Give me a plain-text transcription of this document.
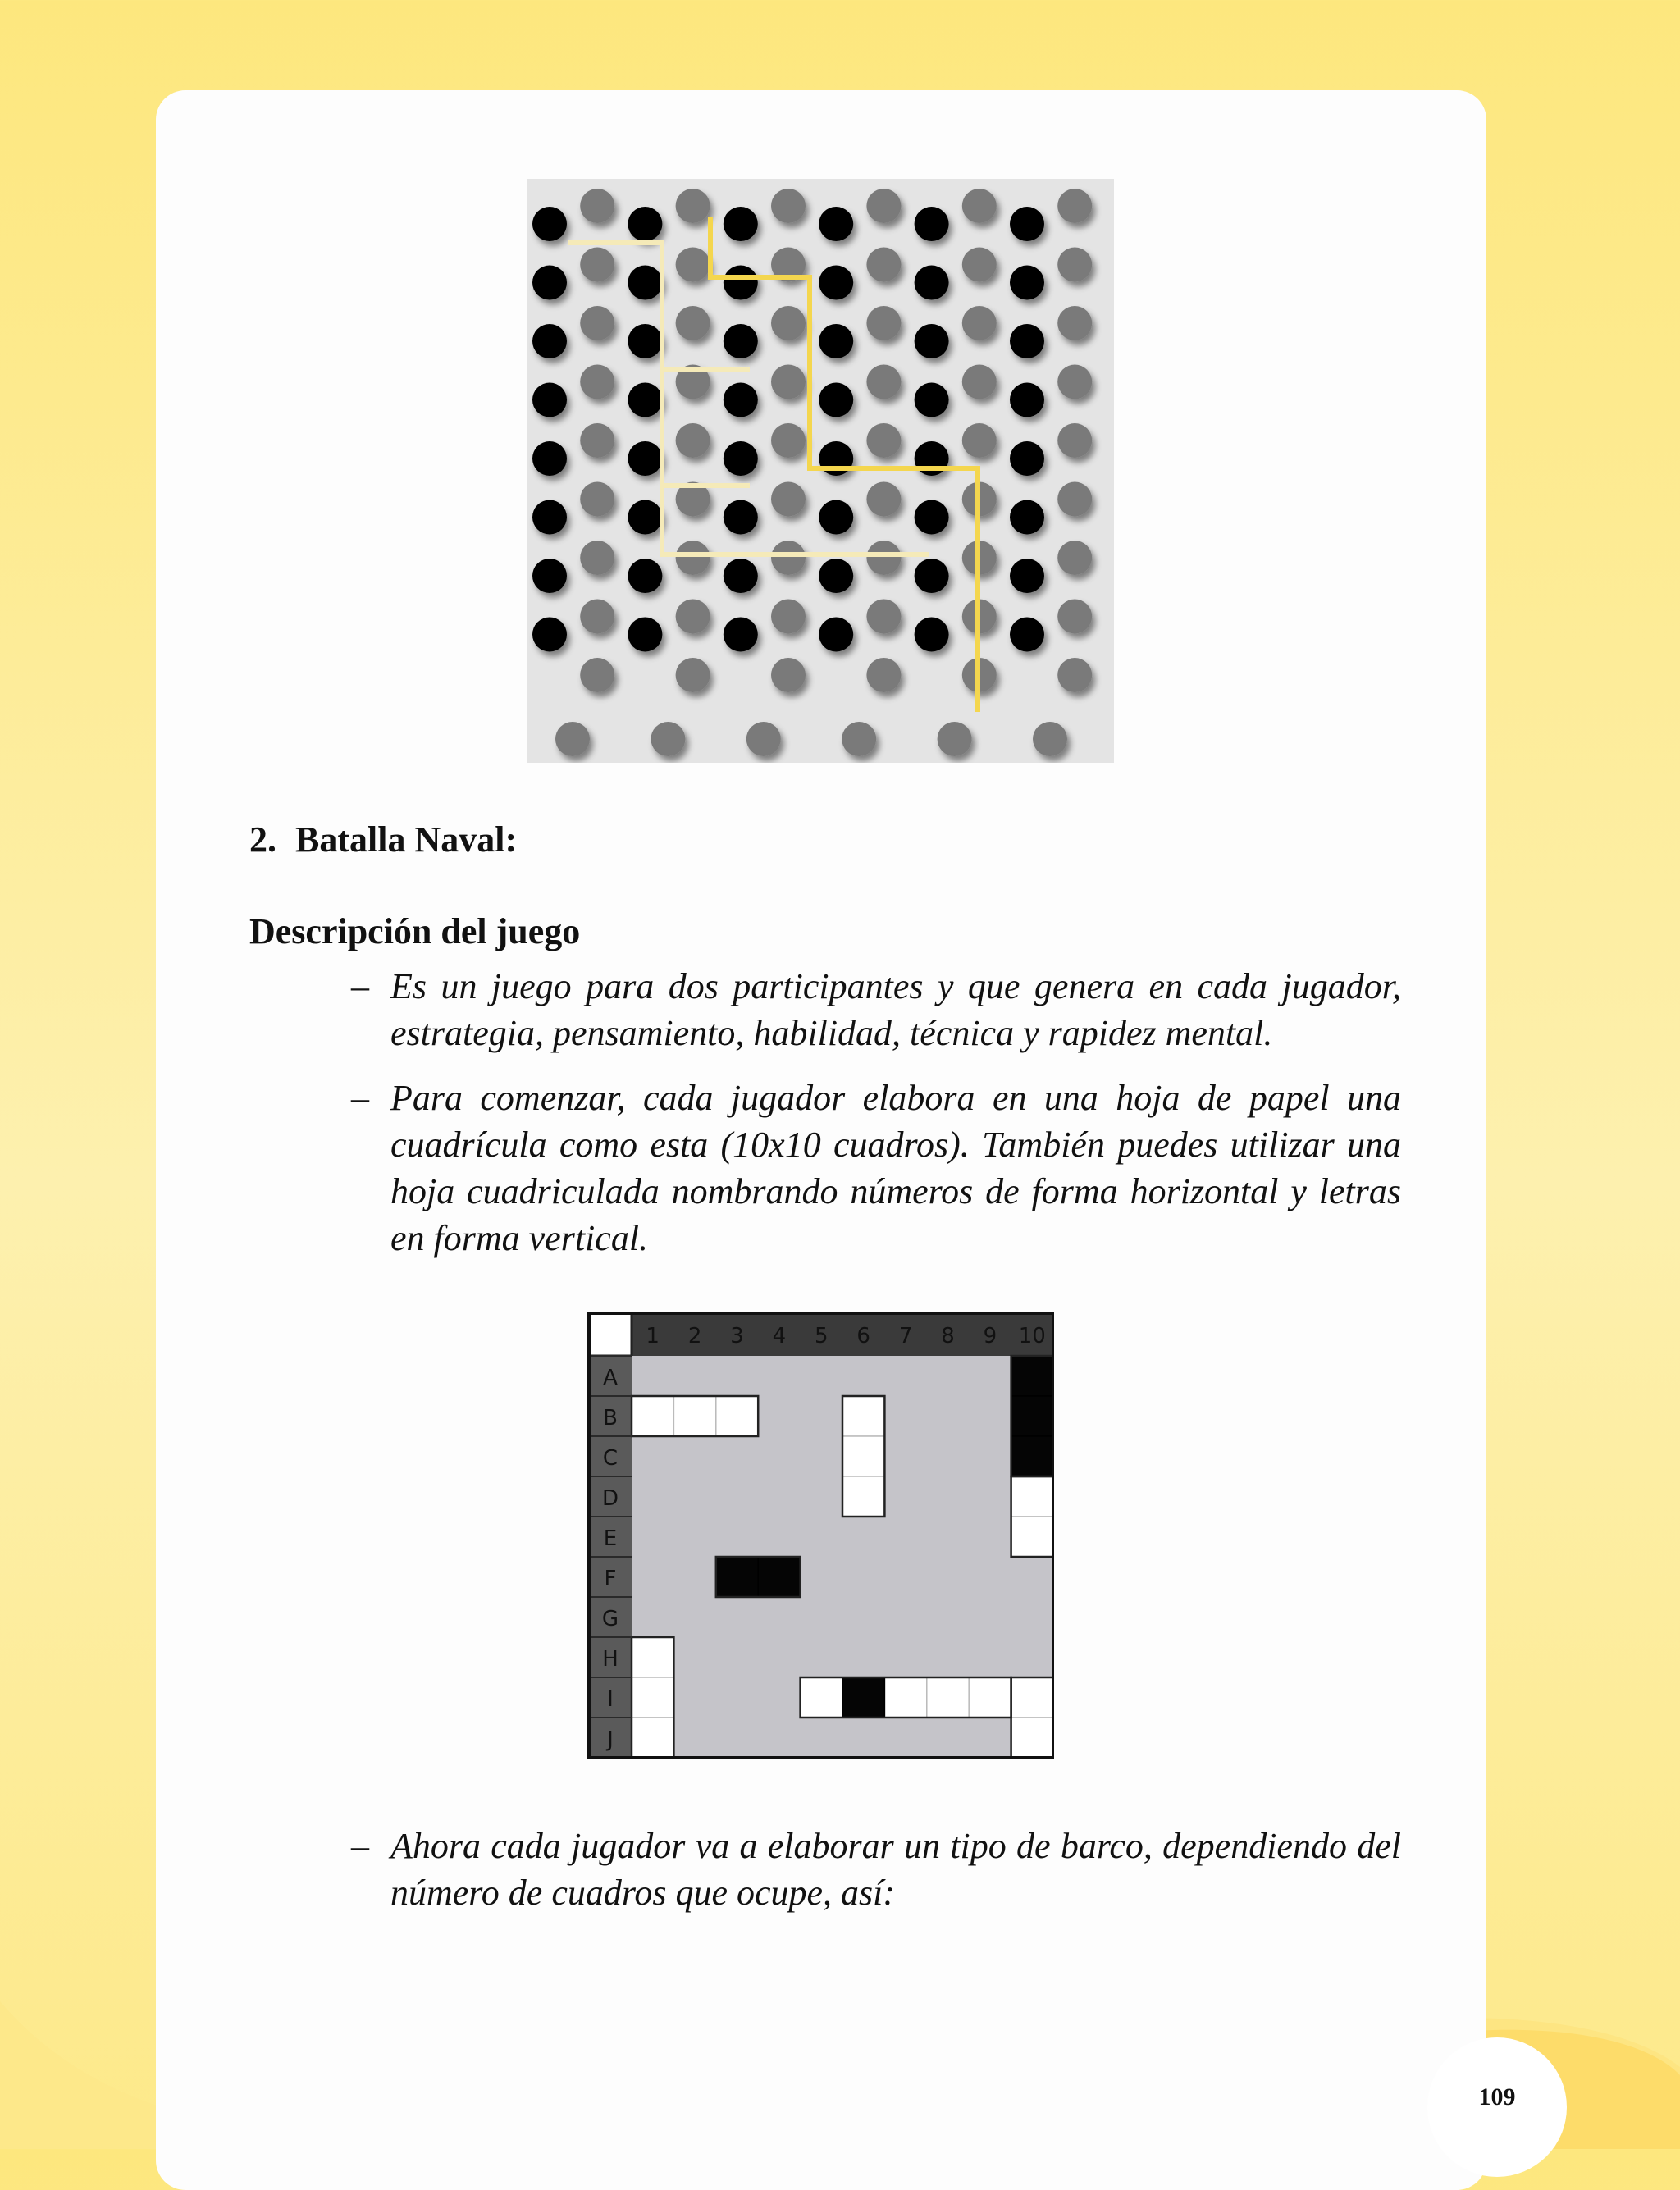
2. Batalla Naval:
Descripción del juego
– Es un juego para dos participantes y que genera en cada jugador, estrategia, pensamiento, habilidad, técnica y rapidez mental.
– Para comenzar, cada jugador elabora en una hoja de papel una cuadrícula como esta (10x10 cuadros). También puedes utilizar una hoja cuadriculada nombrando números de forma horizontal y letras en forma vertical.
1 2 3 4 5 6 7 8 9 10
A
B
C
D
E
F
G
H
I
J
– Ahora cada jugador va a elaborar un tipo de barco, dependiendo del número de cuadros que ocupe, así:
109
